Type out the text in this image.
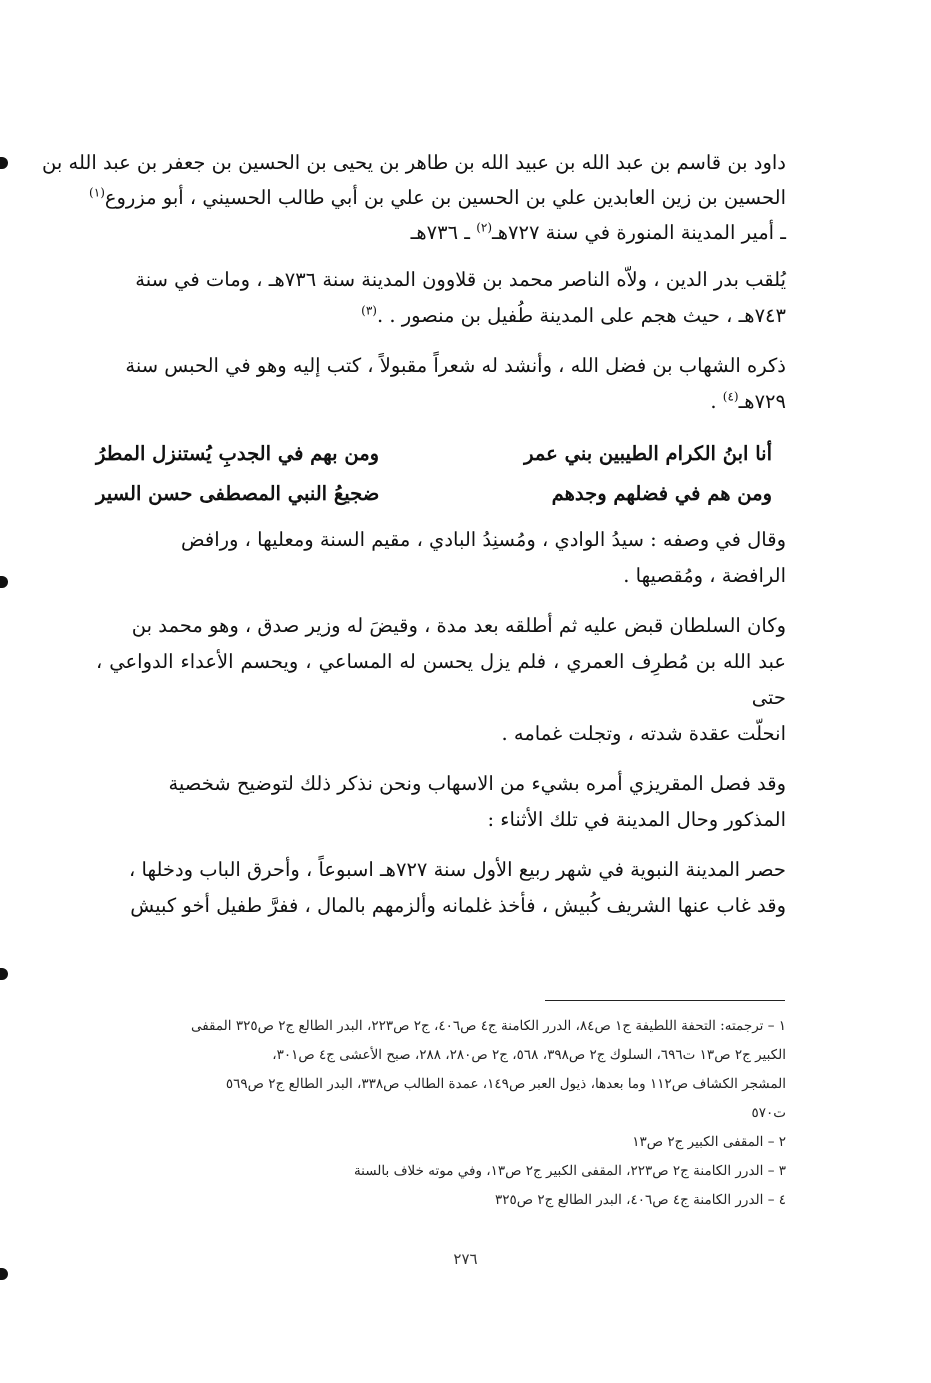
داود بن قاسم بن عبد الله بن عبيد الله بن طاهر بن يحيى بن الحسين بن جعفر بن عبد الله بن

الحسين بن زين العابدين علي بن الحسين بن علي بن أبي طالب الحسيني ، أبو مزروع$^{(١)}$

ـ أمير المدينة المنورة في سنة ٧٢٧هـ$^{(٢)}$ ـ ٧٣٦هـ

يُلقب بدر الدين ، ولاّه الناصر محمد بن قلاوون المدينة سنة ٧٣٦هـ ، ومات في سنة

٧٤٣هـ ، حيث هجم على المدينة طُفيل بن منصور . .$^{(٣)}$

ذكره الشهاب بن فضل الله ، وأنشد له شعراً مقبولاً ، كتب إليه وهو في الحبس سنة

٧٢٩هـ$^{(٤)}$ .

أنا ابنُ الكرام الطيبين بني عمر
ومن بهم في الجدبِ يُستنزل المطرُ
ومن هم في فضلهم وجدهم
ضجيعُ النبي المصطفى حسن السير

وقال في وصفه : سيدُ الوادي ، ومُسنِدُ البادي ، مقيم السنة ومعليها ، ورافض

الرافضة ، ومُقصيها .

وكان السلطان قبض عليه ثم أطلقه بعد مدة ، وقيضَ له وزير صدق ، وهو محمد بن

عبد الله بن مُطرِف العمري ، فلم يزل يحسن له المساعي ، ويحسم الأعداء الدواعي ، حتى

انحلّت عقدة شدته ، وتجلت غمامه .

وقد فصل المقريزي أمره بشيء من الاسهاب ونحن نذكر ذلك لتوضيح شخصية

المذكور وحال المدينة في تلك الأثناء :

حصر المدينة النبوية في شهر ربيع الأول سنة ٧٢٧هـ اسبوعاً ، وأحرق الباب ودخلها ،

وقد غاب عنها الشريف كُبيش ، فأخذ غلمانه وألزمهم بالمال ، ففرَّ طفيل أخو كبيش

١ – ترجمته: التحفة اللطيفة ج١ ص٨٤، الدرر الكامنة ج٤ ص٤٠٦، ج٢ ص٢٢٣، البدر الطالع ج٢ ص٣٢٥ المقفى

الكبير ج٢ ص١٣ ت٦٩٦، السلوك ج٢ ص٣٩٨، ٥٦٨، ج٢ ص٢٨٠، ٢٨٨، صبح الأعشى ج٤ ص٣٠١،

المشجر الكشاف ص١١٢ وما بعدها، ذيول العبر ص١٤٩، عمدة الطالب ص٣٣٨، البدر الطالع ج٢ ص٥٦٩

ت٥٧٠

٢ – المقفى الكبير ج٢ ص١٣

٣ – الدرر الكامنة ج٢ ص٢٢٣، المقفى الكبير ج٢ ص١٣، وفي موته خلاف بالسنة

٤ – الدرر الكامنة ج٤ ص٤٠٦، البدر الطالع ج٢ ص٣٢٥

٢٧٦
